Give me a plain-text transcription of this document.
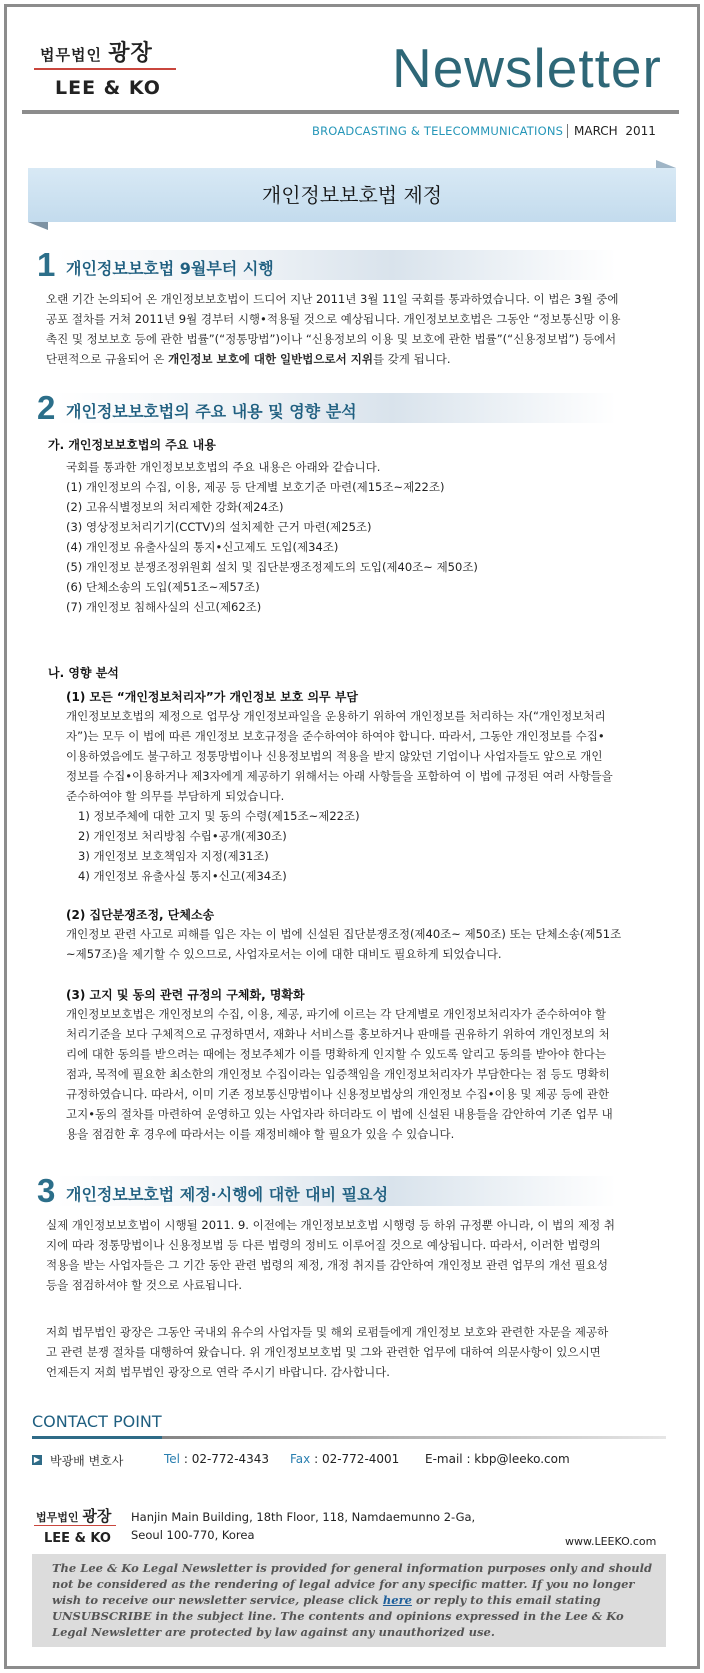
법무법인 광장
LEE & KO	Newsletter
BROADCASTING & TELECOMMUNICATIONS MARCH 2011
개인정보보호법 제정
1 개인정보보호법 9월부터 시행
오랜 기간 논의되어 온 개인정보보호법이 드디어 지난 2011년 3월 11일 국회를 통과하였습니다. 이 법은 3월 중에
공포 절차를 거쳐 2011년 9월 경부터 시행•적용될 것으로 예상됩니다. 개인정보보호법은 그동안 “정보통신망 이용
촉진 및 정보보호 등에 관한 법률”(“정통망법”)이나 “신용정보의 이용 및 보호에 관한 법률”(“신용정보법”) 등에서
단편적으로 규율되어 온 개인정보 보호에 대한 일반법으로서 지위를 갖게 됩니다.
2 개인정보보호법의 주요 내용 및 영향 분석
가. 개인정보보호법의 주요 내용
국회를 통과한 개인정보보호법의 주요 내용은 아래와 같습니다.
(1) 개인정보의 수집, 이용, 제공 등 단계별 보호기준 마련(제15조~제22조)
(2) 고유식별정보의 처리제한 강화(제24조)
(3) 영상정보처리기기(CCTV)의 설치제한 근거 마련(제25조)
(4) 개인정보 유출사실의 통지•신고제도 도입(제34조)
(5) 개인정보 분쟁조정위원회 설치 및 집단분쟁조정제도의 도입(제40조~ 제50조)
(6) 단체소송의 도입(제51조~제57조)
(7) 개인정보 침해사실의 신고(제62조)
나. 영향 분석
(1) 모든 “개인정보처리자”가 개인정보 보호 의무 부담
개인정보보호법의 제정으로 업무상 개인정보파일을 운용하기 위하여 개인정보를 처리하는 자(“개인정보처리
자”)는 모두 이 법에 따른 개인정보 보호규정을 준수하여야 하여야 합니다. 따라서, 그동안 개인정보를 수집•
이용하였음에도 불구하고 정통망법이나 신용정보법의 적용을 받지 않았던 기업이나 사업자들도 앞으로 개인
정보를 수집•이용하거나 제3자에게 제공하기 위해서는 아래 사항들을 포함하여 이 법에 규정된 여러 사항들을
준수하여야 할 의무를 부담하게 되었습니다.
1) 정보주체에 대한 고지 및 동의 수령(제15조~제22조)
2) 개인정보 처리방침 수립•공개(제30조)
3) 개인정보 보호책임자 지정(제31조)
4) 개인정보 유출사실 통지•신고(제34조)
(2) 집단분쟁조정, 단체소송
개인정보 관련 사고로 피해를 입은 자는 이 법에 신설된 집단분쟁조정(제40조~ 제50조) 또는 단체소송(제51조
~제57조)을 제기할 수 있으므로, 사업자로서는 이에 대한 대비도 필요하게 되었습니다.
(3) 고지 및 동의 관련 규정의 구체화, 명확화
개인정보보호법은 개인정보의 수집, 이용, 제공, 파기에 이르는 각 단계별로 개인정보처리자가 준수하여야 할
처리기준을 보다 구체적으로 규정하면서, 재화나 서비스를 홍보하거나 판매를 권유하기 위하여 개인정보의 처
리에 대한 동의를 받으려는 때에는 정보주체가 이를 명확하게 인지할 수 있도록 알리고 동의를 받아야 한다는
점과, 목적에 필요한 최소한의 개인정보 수집이라는 입증책임을 개인정보처리자가 부담한다는 점 등도 명확히
규정하였습니다. 따라서, 이미 기존 정보통신망법이나 신용정보법상의 개인정보 수집•이용 및 제공 등에 관한
고지•동의 절차를 마련하여 운영하고 있는 사업자라 하더라도 이 법에 신설된 내용들을 감안하여 기존 업무 내
용을 점검한 후 경우에 따라서는 이를 재정비해야 할 필요가 있을 수 있습니다.
3 개인정보보호법 제정·시행에 대한 대비 필요성
실제 개인정보보호법이 시행될 2011. 9. 이전에는 개인정보보호법 시행령 등 하위 규정뿐 아니라, 이 법의 제정 취
지에 따라 정통망법이나 신용정보법 등 다른 법령의 정비도 이루어질 것으로 예상됩니다. 따라서, 이러한 법령의
적용을 받는 사업자들은 그 기간 동안 관련 법령의 제정, 개정 취지를 감안하여 개인정보 관련 업무의 개선 필요성
등을 점검하셔야 할 것으로 사료됩니다.
저희 법무법인 광장은 그동안 국내외 유수의 사업자들 및 해외 로펌들에게 개인정보 보호와 관련한 자문을 제공하
고 관련 분쟁 절차를 대행하여 왔습니다. 위 개인정보보호법 및 그와 관련한 업무에 대하여 의문사항이 있으시면
언제든지 저희 법무법인 광장으로 연락 주시기 바랍니다. 감사합니다.
CONTACT POINT
▶ 박광배 변호사	Tel : 02-772-4343 Fax : 02-772-4001 E-mail : kbp@leeko.com
법무법인 광장
LEE & KO
Hanjin Main Building, 18th Floor, 118, Namdaemunno 2-Ga,
Seoul 100-770, Korea	www.LEEKO.com
The Lee & Ko Legal Newsletter is provided for general information purposes only and should not be considered as the rendering of legal advice for any specific matter. If you no longer wish to receive our newsletter service, please click here or reply to this email stating UNSUBSCRIBE in the subject line. The contents and opinions expressed in the Lee & Ko Legal Newsletter are protected by law against any unauthorized use.
